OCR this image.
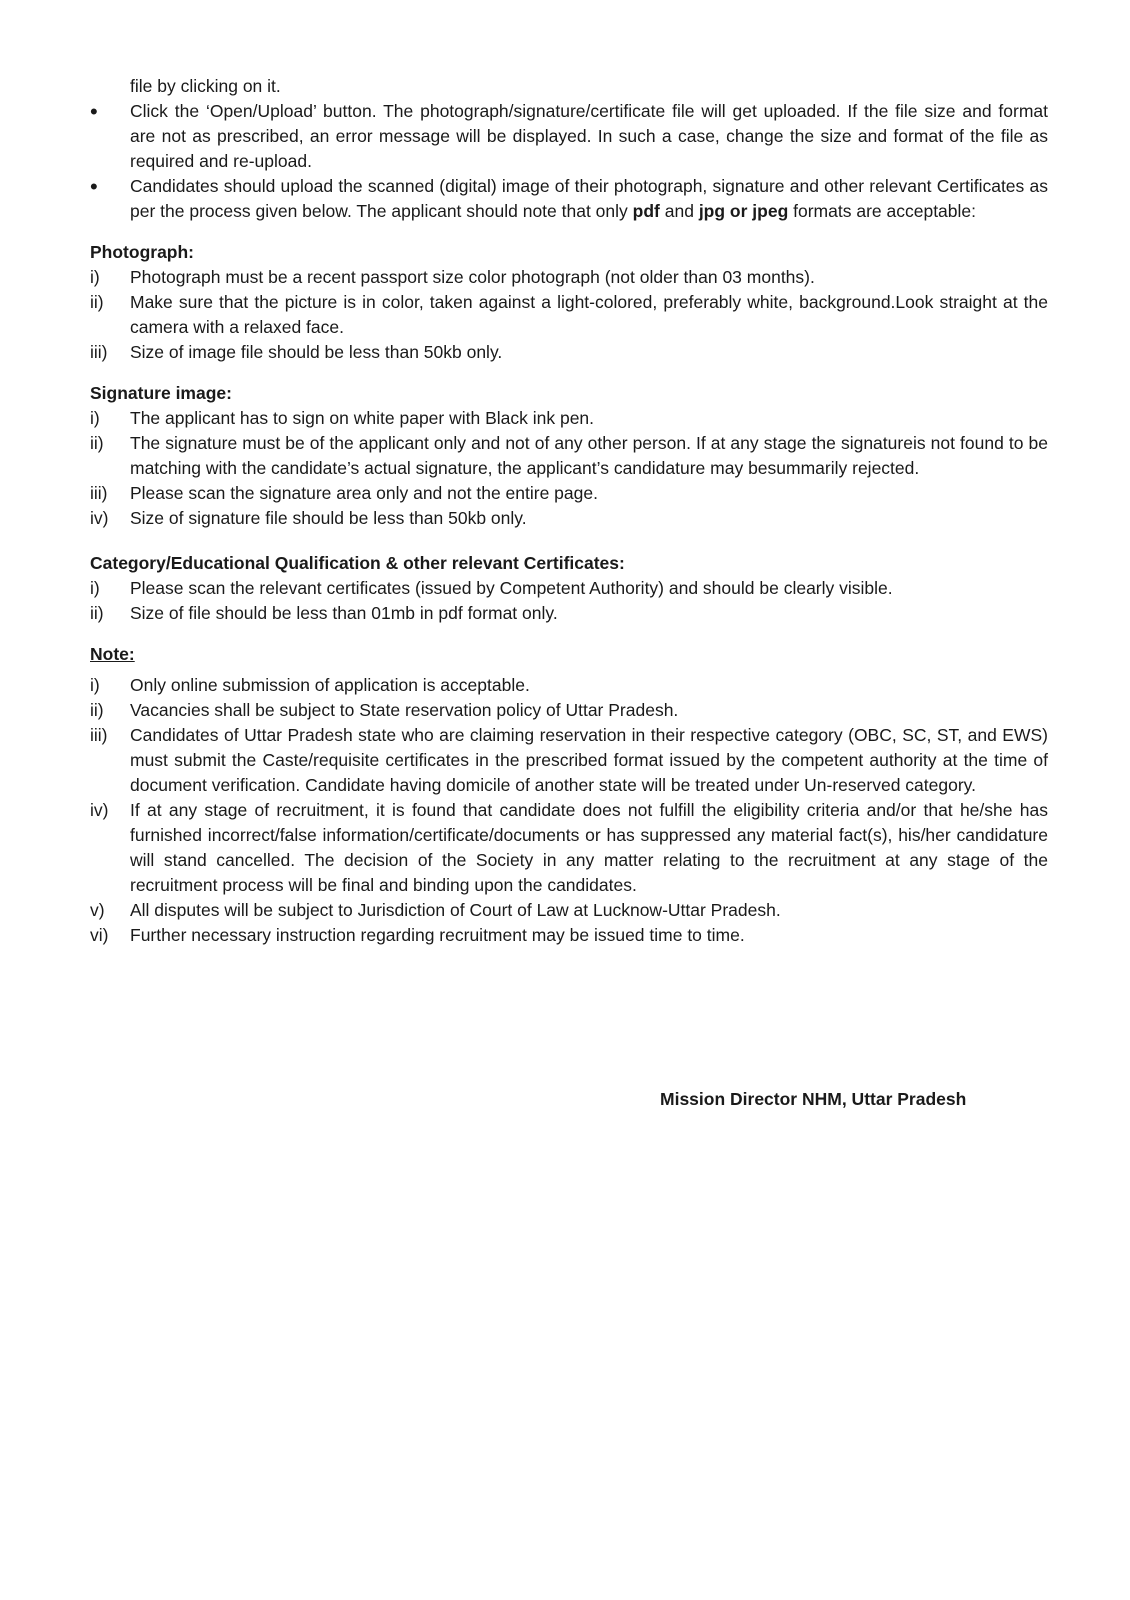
file by clicking on it.
•	Click the ‘Open/Upload’ button. The photograph/signature/certificate file will get uploaded. If the file size and format are not as prescribed, an error message will be displayed. In such a case, change the size and format of the file as required and re-upload.
•	Candidates should upload the scanned (digital) image of their photograph, signature and other relevant Certificates as per the process given below. The applicant should note that only pdf and jpg or jpeg formats are acceptable:
Photograph:
i)	Photograph must be a recent passport size color photograph (not older than 03 months).
ii)	Make sure that the picture is in color, taken against a light-colored, preferably white, background.Look straight at the camera with a relaxed face.
iii)	Size of image file should be less than 50kb only.
Signature image:
i)	The applicant has to sign on white paper with Black ink pen.
ii)	The signature must be of the applicant only and not of any other person. If at any stage the signatureis not found to be matching with the candidate’s actual signature, the applicant’s candidature may besummarily rejected.
iii)	Please scan the signature area only and not the entire page.
iv)	Size of signature file should be less than 50kb only.
Category/Educational Qualification & other relevant Certificates:
i)	Please scan the relevant certificates (issued by Competent Authority) and should be clearly visible.
ii)	Size of file should be less than 01mb in pdf format only.
Note:
i)	Only online submission of application is acceptable.
ii)	Vacancies shall be subject to State reservation policy of Uttar Pradesh.
iii)	Candidates of Uttar Pradesh state who are claiming reservation in their respective category (OBC, SC, ST, and EWS) must submit the Caste/requisite certificates in the prescribed format issued by the competent authority at the time of document verification. Candidate having domicile of another state will be treated under Un-reserved category.
iv)	If at any stage of recruitment, it is found that candidate does not fulfill the eligibility criteria and/or that he/she has furnished incorrect/false information/certificate/documents or has suppressed any material fact(s), his/her candidature will stand cancelled. The decision of the Society in any matter relating to the recruitment at any stage of the recruitment process will be final and binding upon the candidates.
v)	All disputes will be subject to Jurisdiction of Court of Law at Lucknow-Uttar Pradesh.
vi)	Further necessary instruction regarding recruitment may be issued time to time.
Mission Director NHM, Uttar Pradesh
